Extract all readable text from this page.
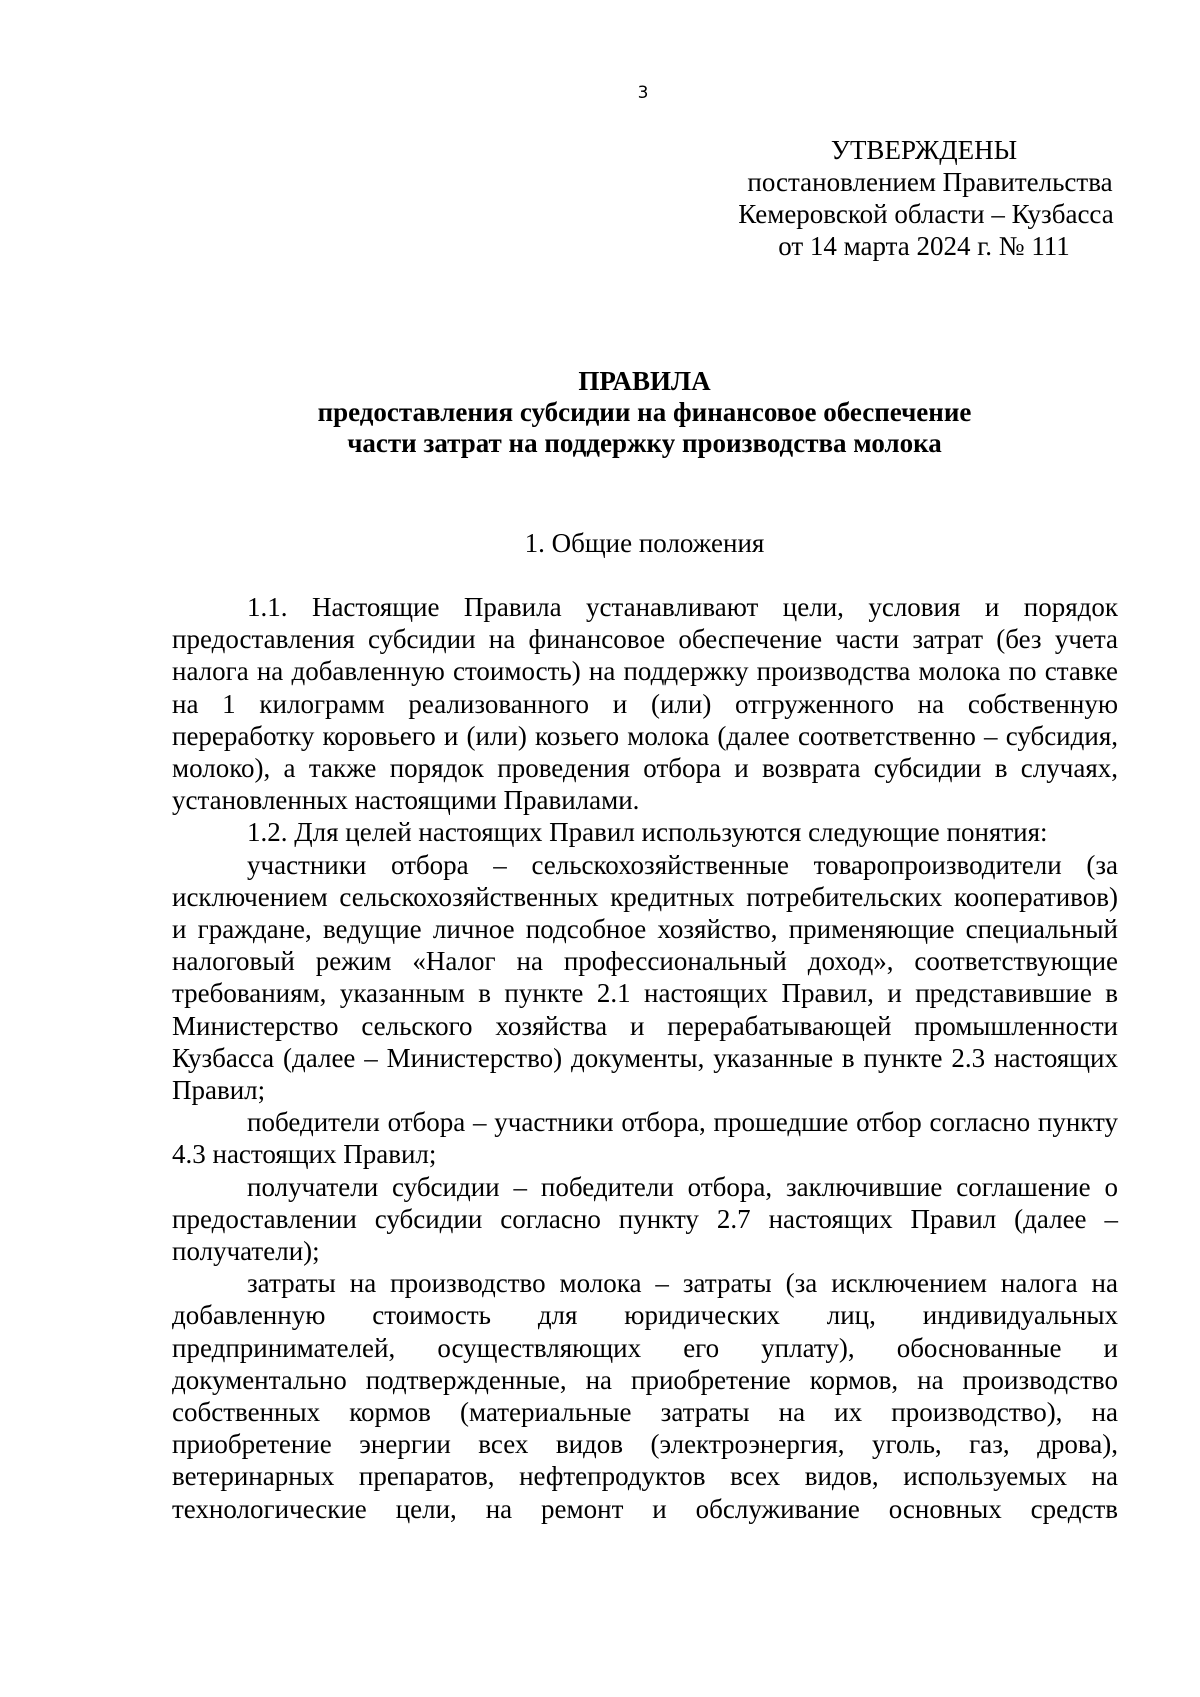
3
УТВЕРЖДЕНЫ
постановлением Правительства
Кемеровской области – Кузбасса
от 14 марта 2024 г. № 111
ПРАВИЛА
предоставления субсидии на финансовое обеспечение
части затрат на поддержку производства молока
1. Общие положения

1.1. Настоящие Правила устанавливают цели, условия и порядок предоставления субсидии на финансовое обеспечение части затрат (без учета налога на добавленную стоимость) на поддержку производства молока по ставке на 1 килограмм реализованного и (или) отгруженного на собственную переработку коровьего и (или) козьего молока (далее соответственно – субсидия, молоко), а также порядок проведения отбора и возврата субсидии в случаях, установленных настоящими Правилами.

1.2. Для целей настоящих Правил используются следующие понятия:

участники отбора – сельскохозяйственные товаропроизводители (за исключением сельскохозяйственных кредитных потребительских кооперативов) и граждане, ведущие личное подсобное хозяйство, применяющие специальный налоговый режим «Налог на профессиональный доход», соответствующие требованиям, указанным в пункте 2.1 настоящих Правил, и представившие в Министерство сельского хозяйства и перерабатывающей промышленности Кузбасса (далее – Министерство) документы, указанные в пункте 2.3 настоящих Правил;

победители отбора – участники отбора, прошедшие отбор согласно пункту 4.3 настоящих Правил;

получатели субсидии – победители отбора, заключившие соглашение о предоставлении субсидии согласно пункту 2.7 настоящих Правил (далее – получатели);

затраты на производство молока – затраты (за исключением налога на добавленную стоимость для юридических лиц, индивидуальных предпринимателей, осуществляющих его уплату), обоснованные и документально подтвержденные, на приобретение кормов, на производство собственных кормов (материальные затраты на их производство), на приобретение энергии всех видов (электроэнергия, уголь, газ, дрова), ветеринарных препаратов, нефтепродуктов всех видов, используемых на технологические цели, на ремонт и обслуживание основных средств
